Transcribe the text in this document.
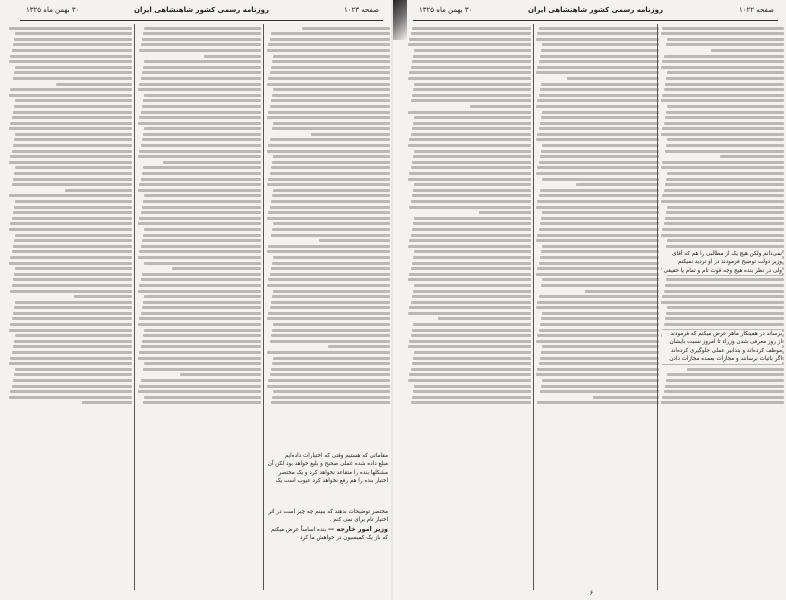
صفحه ۱۰۲۳
روزنامه رسمی کشور شاهنشاهی ایران
۳۰ بهمن ماه ۱۳۲۵
مقاماتی که هستیم وقتی که اختیارات داده‌ایم
مبلغ داده شده عملی صحیح و بلیغ خواهد بود لکن آن
مشکلها بنده را متقاعد نخواهد کرد و یک مختصر
اختیار بنده را هم رفع نخواهد کرد عیوب است یک
مختصر توضیحات بدهند که ببینم چه چیز است در اثر
اختیار تام برای نمی کنم .
وزیر امور خارجه — بنده اساساً عرض میکنم
که باز یک کمیسیون در خواهش ما کرد
صفحه ۱۰۲۲
روزنامه رسمی کشور شاهنشاهی ایران
۳۰ بهمن ماه ۱۳۲۵
نمی‌دانم ولکن هیچ یک از مطالبی را هم که آقای
وزیر دولت توضیح فرمودند در او تردید نمیکنم
ولی در نظر بنده هیچ وجه قوت تام و تمام یا حقیقی
برساند در همینکار ماهر عرض میکنم که فرمودند
از روز معرفی شدن وزراء تا امروز نسبت بایشان
موظف کرده‌اند و بتدابیر عملی جلوگیری کرده‌اند
اگر باتیات برسانند و مجازات بعمده مجازات دادن
۶
